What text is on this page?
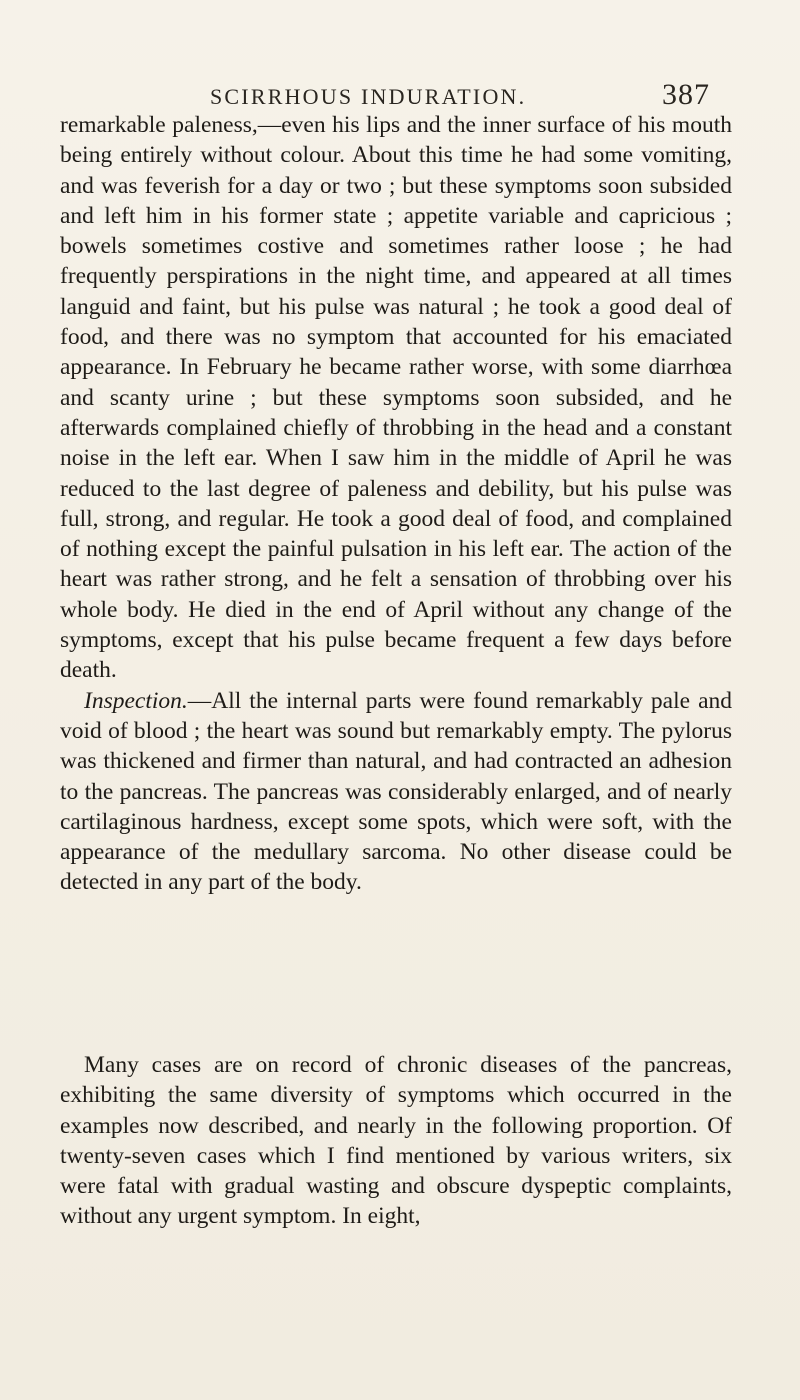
SCIRRHOUS INDURATION.	387

remarkable paleness,—even his lips and the inner surface of his mouth being entirely without colour. About this time he had some vomiting, and was feverish for a day or two ; but these symptoms soon subsided and left him in his former state ; appetite variable and capricious ; bowels sometimes costive and sometimes rather loose ; he had frequently perspirations in the night time, and appeared at all times languid and faint, but his pulse was natural ; he took a good deal of food, and there was no symptom that accounted for his emaciated appearance. In February he became rather worse, with some diarrhœa and scanty urine ; but these symptoms soon subsided, and he afterwards complained chiefly of throbbing in the head and a constant noise in the left ear. When I saw him in the middle of April he was reduced to the last degree of paleness and debility, but his pulse was full, strong, and regular. He took a good deal of food, and complained of nothing except the painful pulsation in his left ear. The action of the heart was rather strong, and he felt a sensation of throbbing over his whole body. He died in the end of April without any change of the symptoms, except that his pulse became frequent a few days before death.

Inspection.—All the internal parts were found remarkably pale and void of blood ; the heart was sound but remarkably empty. The pylorus was thickened and firmer than natural, and had contracted an adhesion to the pancreas. The pancreas was considerably enlarged, and of nearly cartilaginous hardness, except some spots, which were soft, with the appearance of the medullary sarcoma. No other disease could be detected in any part of the body.

Many cases are on record of chronic diseases of the pancreas, exhibiting the same diversity of symptoms which occurred in the examples now described, and nearly in the following proportion. Of twenty-seven cases which I find mentioned by various writers, six were fatal with gradual wasting and obscure dyspeptic complaints, without any urgent symptom. In eight,
